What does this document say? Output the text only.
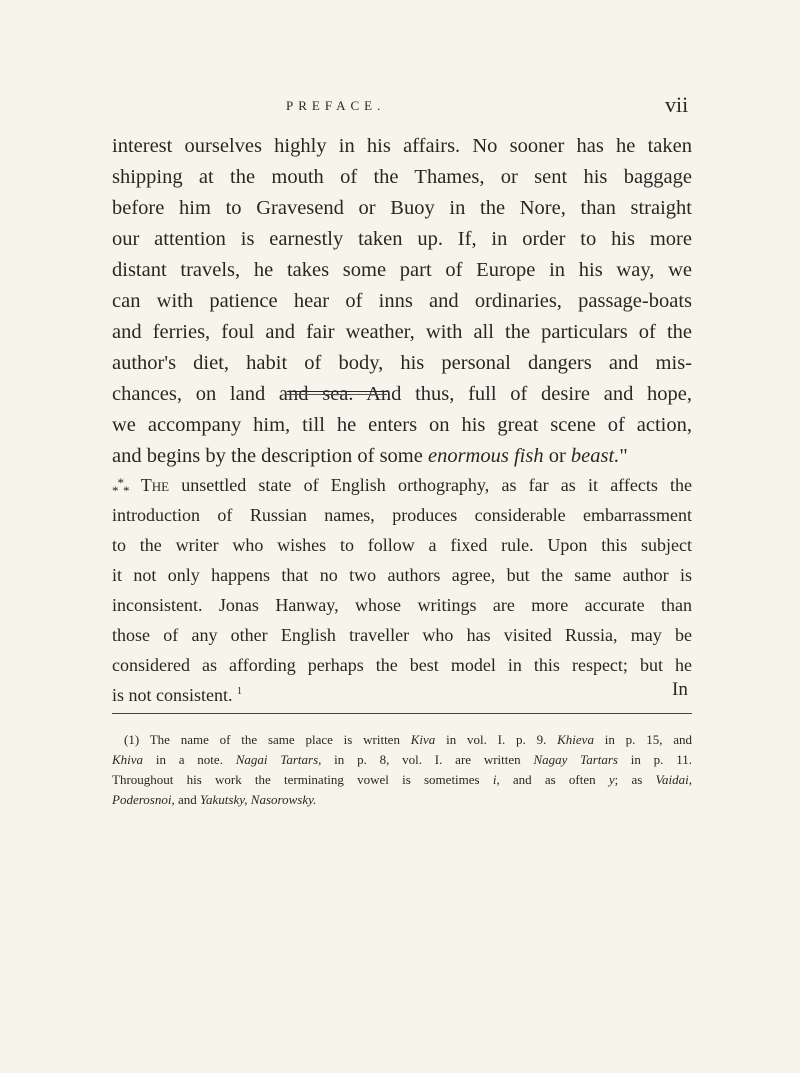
PREFACE.	vii
interest ourselves highly in his affairs. No sooner has he taken
shipping at the mouth of the Thames, or sent his baggage
before him to Gravesend or Buoy in the Nore, than straight
our attention is earnestly taken up. If, in order to his more
distant travels, he takes some part of Europe in his way, we
can with patience hear of inns and ordinaries, passage-boats
and ferries, foul and fair weather, with all the particulars of the
author's diet, habit of body, his personal dangers and mis-
chances, on land and sea. And thus, full of desire and hope,
we accompany him, till he enters on his great scene of action,
and begins by the description of some enormous fish or beast."
$_{***}$ The unsettled state of English orthography, as far as it affects the
introduction of Russian names, produces considerable embarrassment
to the writer who wishes to follow a fixed rule. Upon this subject
it not only happens that no two authors agree, but the same author is
inconsistent. Jonas Hanway, whose writings are more accurate than
those of any other English traveller who has visited Russia, may be
considered as affording perhaps the best model in this respect; but he
is not consistent. $^1$	In
(1) The name of the same place is written Kiva in vol. I. p. 9. Khieva in p. 15, and
Khiva in a note. Nagai Tartars, in p. 8, vol. I. are written Nagay Tartars in p. 11.
Throughout his work the terminating vowel is sometimes i, and as often y; as Vaidai,
Poderosnoi, and Yakutsky, Nasorowsky.
